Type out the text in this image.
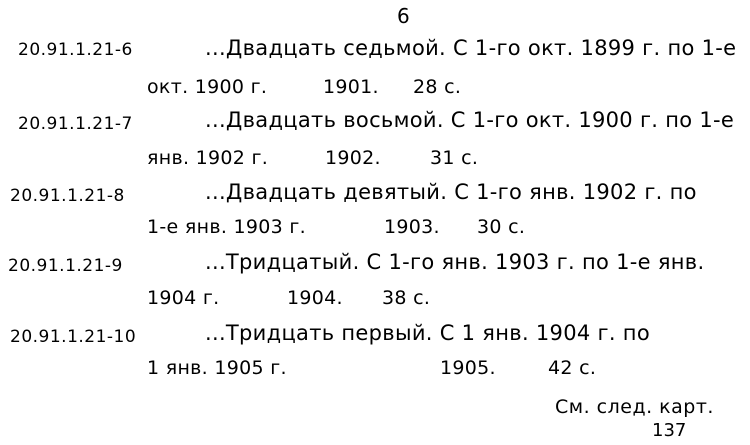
6
20.91.1.21-6	...Двадцать седьмой. С 1-го окт. 1899 г. по 1-е
окт. 1900 г.	1901. 28 с.
20.91.1.21-7	...Двадцать восьмой. С 1-го окт. 1900 г. по 1-е
янв. 1902 г.	1902.	31 с.
20.91.1.21-8	...Двадцать девятый. С 1-го янв. 1902 г. по
1-е янв. 1903 г.	1903. 30 с.
20.91.1.21-9	...Тридцатый. С 1-го янв. 1903 г. по 1-е янв.
1904 г.	1904. 38 с.
20.91.1.21-10	...Тридцать первый. С 1 янв. 1904 г. по
1 янв. 1905 г.	1905.	42 с.
См. след. карт.
137
